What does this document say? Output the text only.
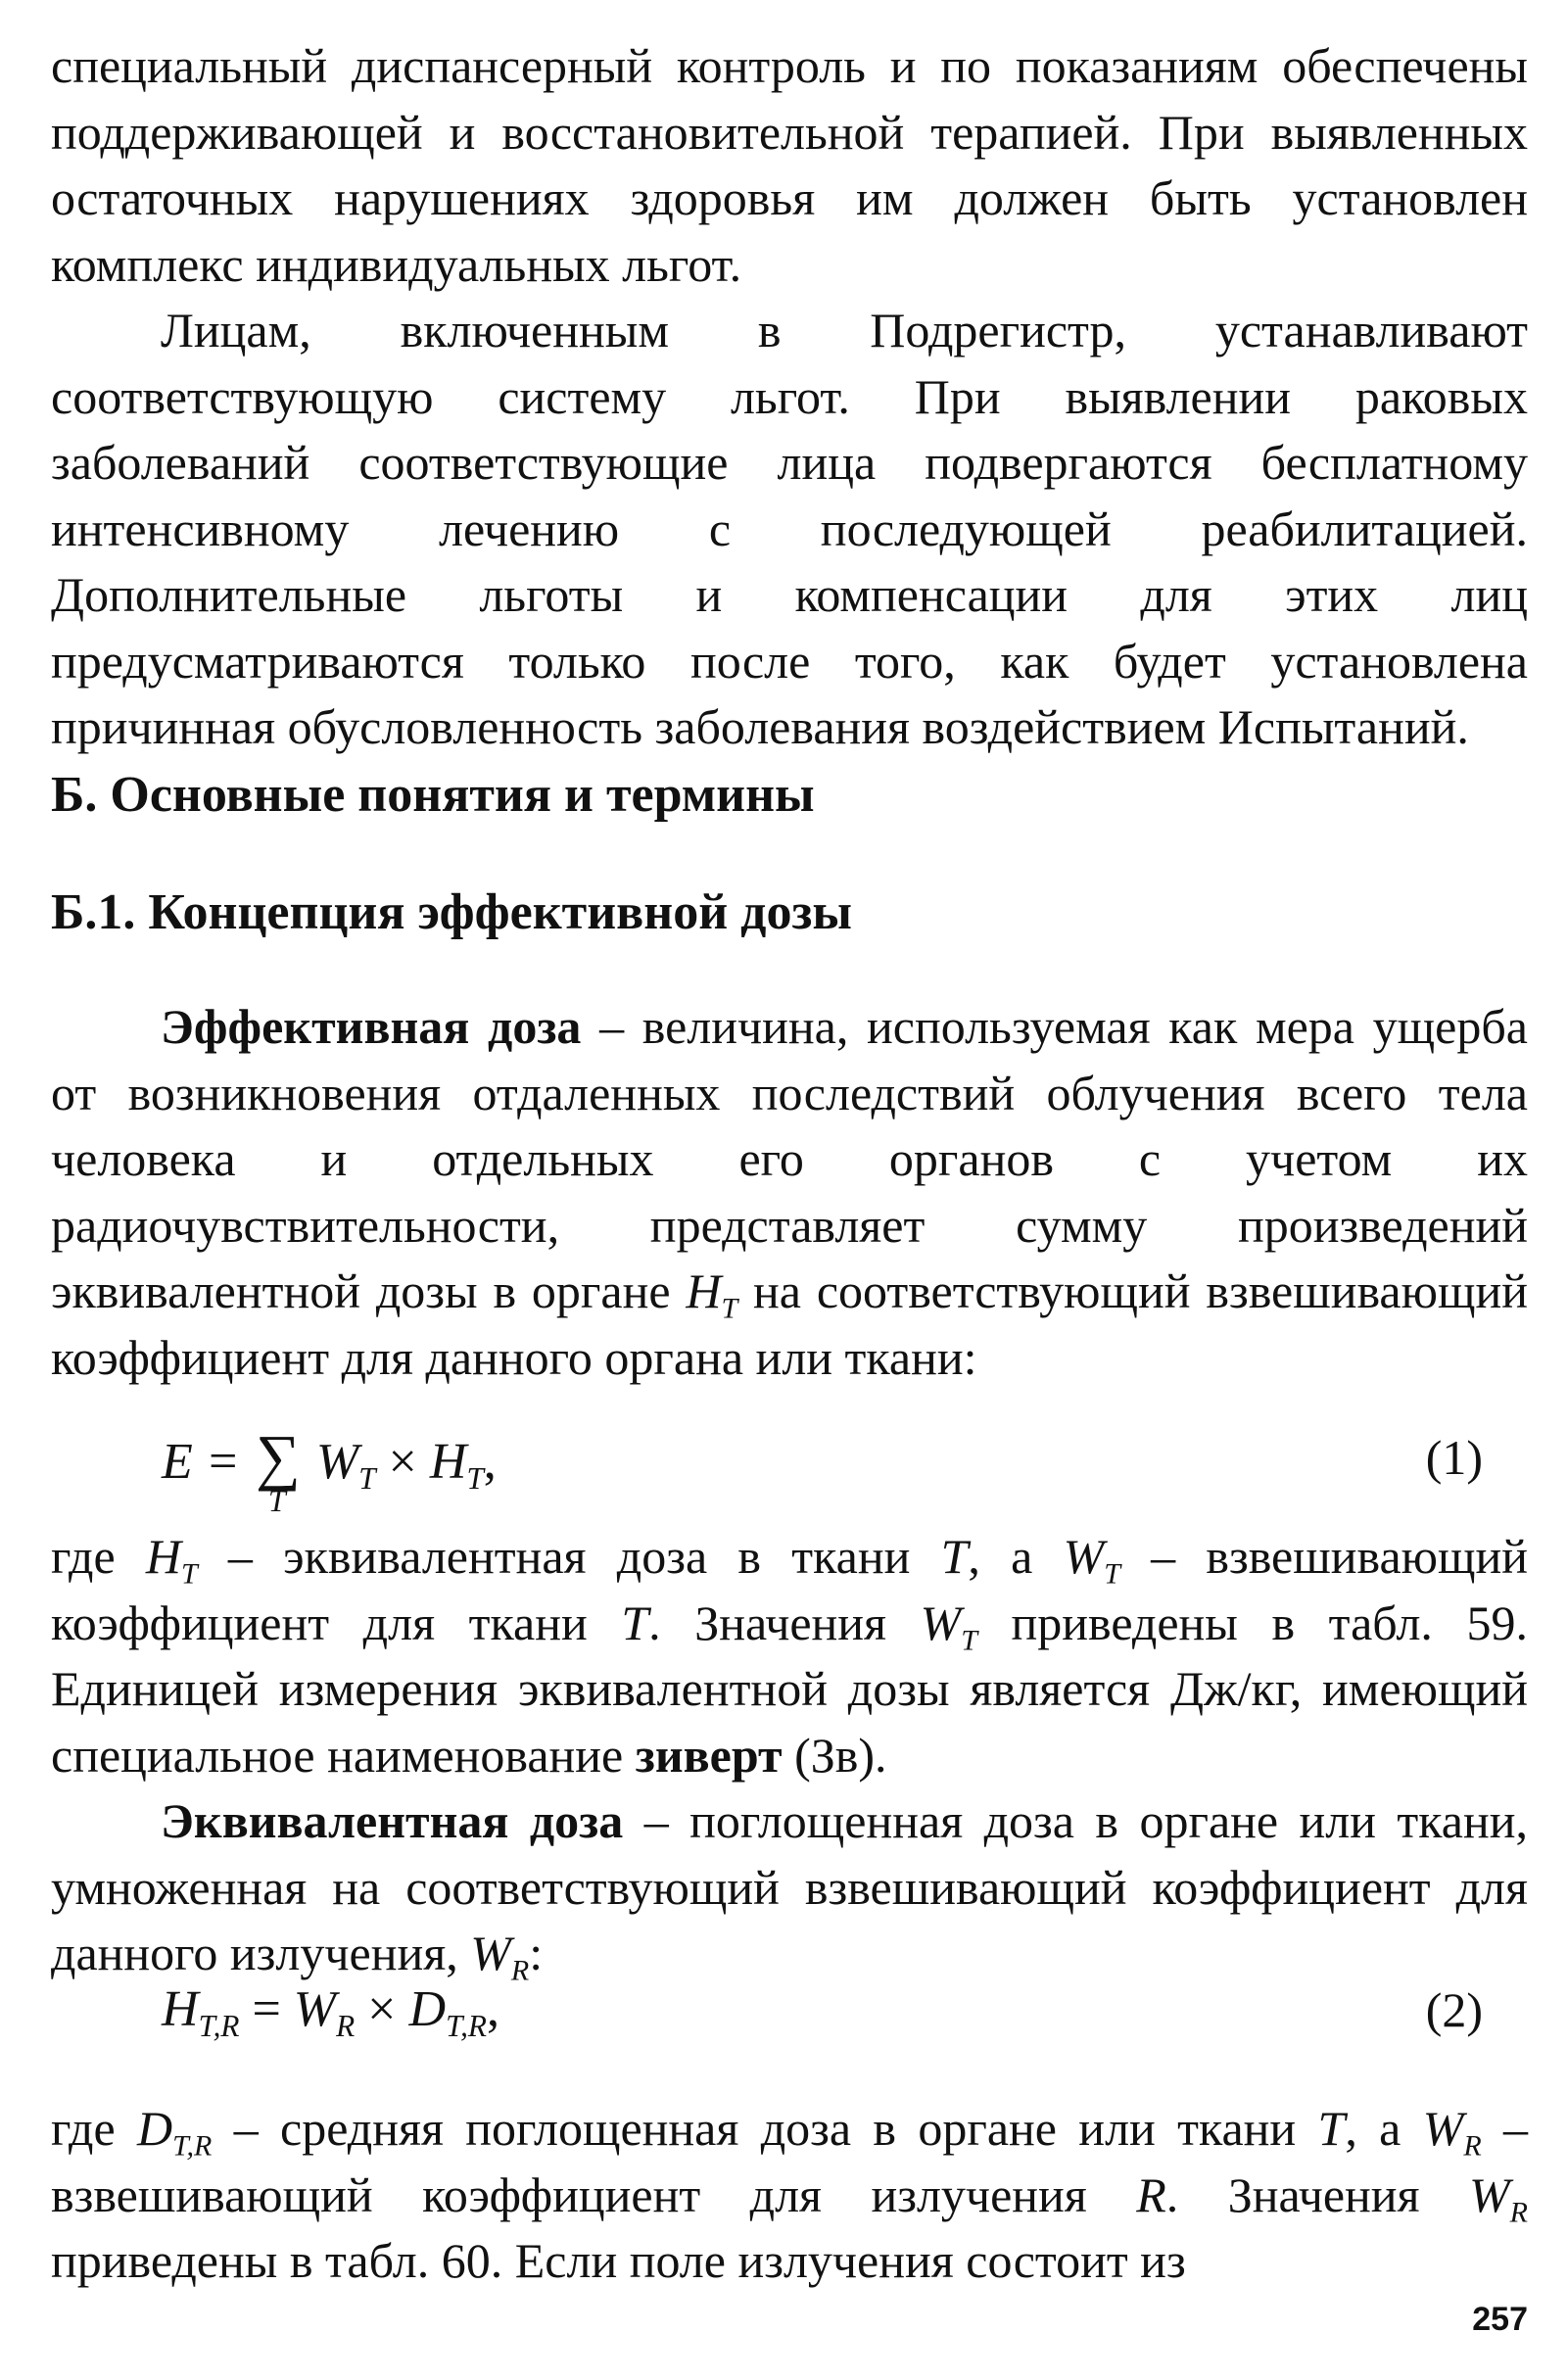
специальный диспансерный контроль и по показаниям обеспечены поддерживающей и восстановительной терапией. При выявленных остаточных нарушениях здоровья им должен быть установлен комплекс индивидуальных льгот.

Лицам, включенным в Подрегистр, устанавливают соответствующую систему льгот. При выявлении раковых заболеваний соответствующие лица подвергаются бесплатному интенсивному лечению с последующей реабилитацией. Дополнительные льготы и компенсации для этих лиц предусматриваются только после того, как будет установлена причинная обусловленность заболевания воздействием Испытаний.

Б. Основные понятия и термины
Б.1. Концепция эффективной дозы

Эффективная доза – величина, используемая как мера ущерба от возникновения отдаленных последствий облучения всего тела человека и отдельных его органов с учетом их радиочувствительности, представляет сумму произведений эквивалентной дозы в органе $H_T$ на соответствующий взвешивающий коэффициент для данного органа или ткани:

E = ∑
T
$W_T \times H_T$,	(1)

где $H_T$ – эквивалентная доза в ткани T, а $W_T$ – взвешивающий коэффициент для ткани T. Значения $W_T$ приведены в табл. 59. Единицей измерения эквивалентной дозы является Дж/кг, имеющий специальное наименование зиверт (Зв).

Эквивалентная доза – поглощенная доза в органе или ткани, умноженная на соответствующий взвешивающий коэффициент для данного излучения, $W_R$:

$H_{T,R} = W_R \times D_{T,R}$,	(2)

где $D_{T,R}$ – средняя поглощенная доза в органе или ткани T, а $W_R$ – взвешивающий коэффициент для излучения R. Значения $W_R$ приведены в табл. 60. Если поле излучения состоит из

257
